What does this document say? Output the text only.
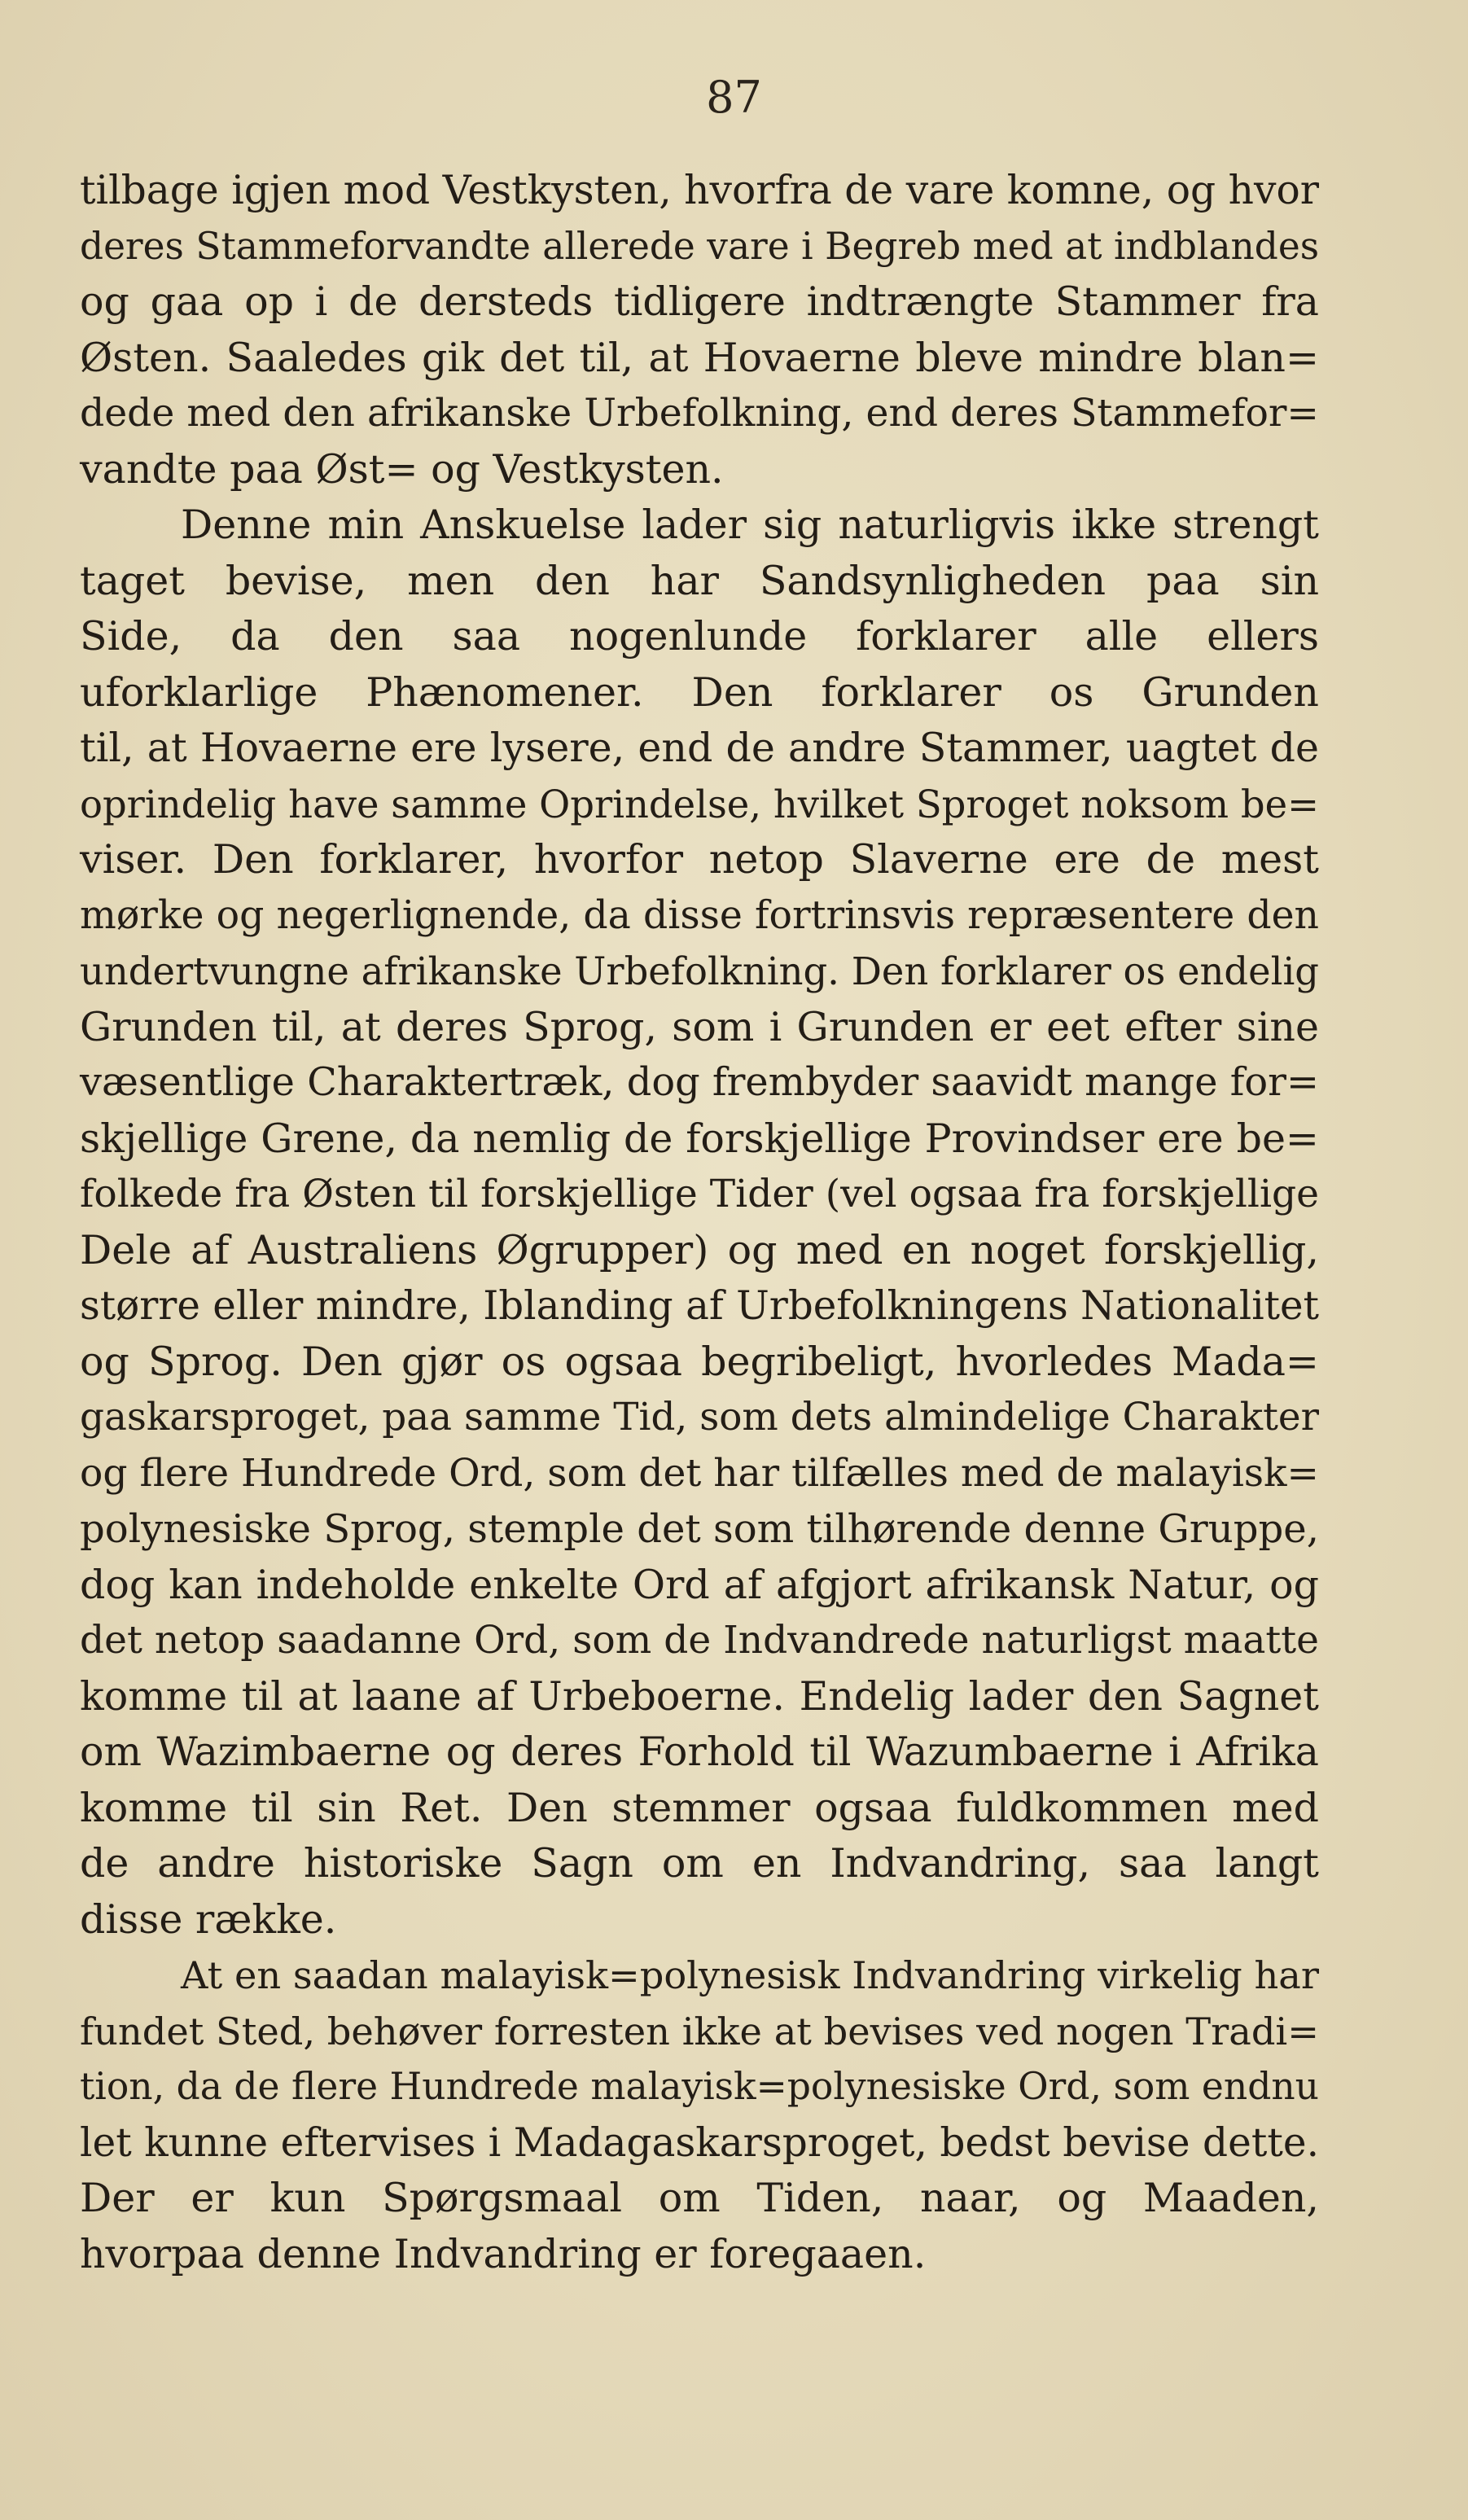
87
tilbage igjen mod Vestkysten, hvorfra de vare komne, og hvor
deres Stammeforvandte allerede vare i Begreb med at indblandes
og gaa op i de dersteds tidligere indtrængte Stammer fra
Østen. Saaledes gik det til, at Hovaerne bleve mindre blan=
dede med den afrikanske Urbefolkning, end deres Stammefor=
vandte paa Øst= og Vestkysten.
Denne min Anskuelse lader sig naturligvis ikke strengt
taget bevise, men den har Sandsynligheden paa sin
Side, da den saa nogenlunde forklarer alle ellers
uforklarlige Phænomener. Den forklarer os Grunden
til, at Hovaerne ere lysere, end de andre Stammer, uagtet de
oprindelig have samme Oprindelse, hvilket Sproget noksom be=
viser. Den forklarer, hvorfor netop Slaverne ere de mest
mørke og negerlignende, da disse fortrinsvis repræsentere den
undertvungne afrikanske Urbefolkning. Den forklarer os endelig
Grunden til, at deres Sprog, som i Grunden er eet efter sine
væsentlige Charaktertræk, dog frembyder saavidt mange for=
skjellige Grene, da nemlig de forskjellige Provindser ere be=
folkede fra Østen til forskjellige Tider (vel ogsaa fra forskjellige
Dele af Australiens Øgrupper) og med en noget forskjellig,
større eller mindre, Iblanding af Urbefolkningens Nationalitet
og Sprog. Den gjør os ogsaa begribeligt, hvorledes Mada=
gaskarsproget, paa samme Tid, som dets almindelige Charakter
og flere Hundrede Ord, som det har tilfælles med de malayisk=
polynesiske Sprog, stemple det som tilhørende denne Gruppe,
dog kan indeholde enkelte Ord af afgjort afrikansk Natur, og
det netop saadanne Ord, som de Indvandrede naturligst maatte
komme til at laane af Urbeboerne. Endelig lader den Sagnet
om Wazimbaerne og deres Forhold til Wazumbaerne i Afrika
komme til sin Ret. Den stemmer ogsaa fuldkommen med
de andre historiske Sagn om en Indvandring, saa langt
disse række.
At en saadan malayisk=polynesisk Indvandring virkelig har
fundet Sted, behøver forresten ikke at bevises ved nogen Tradi=
tion, da de flere Hundrede malayisk=polynesiske Ord, som endnu
let kunne eftervises i Madagaskarsproget, bedst bevise dette.
Der er kun Spørgsmaal om Tiden, naar, og Maaden,
hvorpaa denne Indvandring er foregaaen.
